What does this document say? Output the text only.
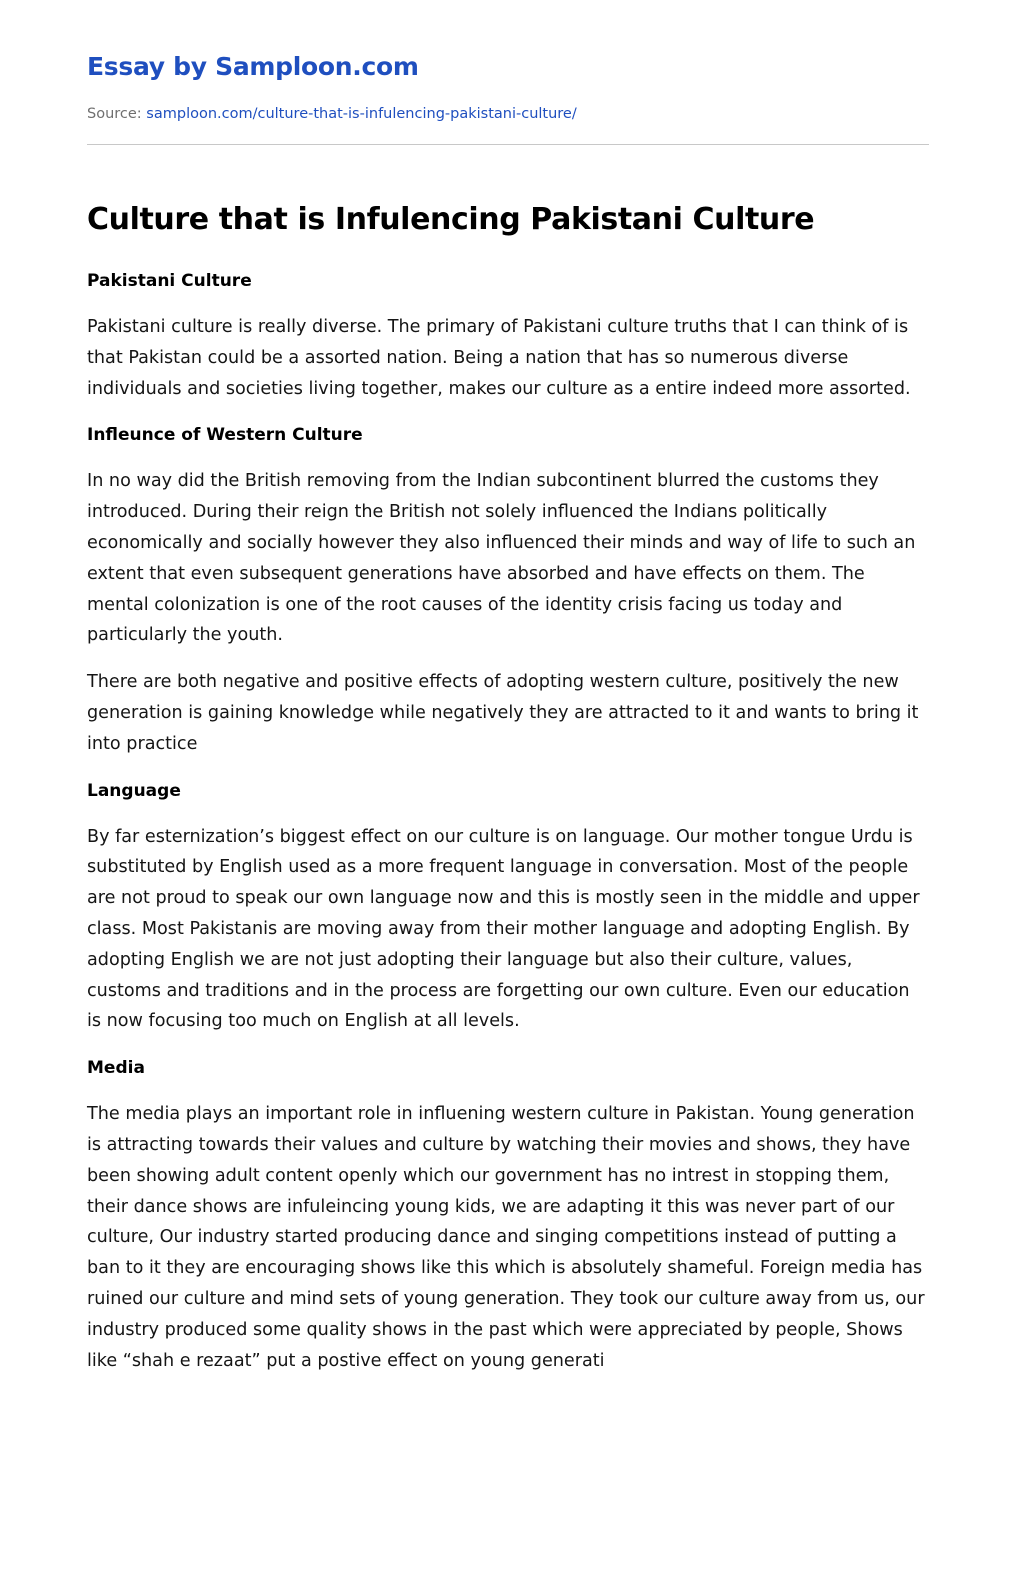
Essay by Samploon.com
Source: samploon.com/culture-that-is-infulencing-pakistani-culture/
Culture that is Infulencing Pakistani Culture
Pakistani Culture

Pakistani culture is really diverse. The primary of Pakistani culture truths that I can think of is that Pakistan could be a assorted nation. Being a nation that has so numerous diverse individuals and societies living together, makes our culture as a entire indeed more assorted.

Infleunce of Western Culture

In no way did the British removing from the Indian subcontinent blurred the customs they introduced. During their reign the British not solely influenced the Indians politically economically and socially however they also influenced their minds and way of life to such an extent that even subsequent generations have absorbed and have effects on them. The mental colonization is one of the root causes of the identity crisis facing us today and particularly the youth.

There are both negative and positive effects of adopting western culture, positively the new generation is gaining knowledge while negatively they are attracted to it and wants to bring it into practice

Language

By far esternization’s biggest effect on our culture is on language. Our mother tongue Urdu is substituted by English used as a more frequent language in conversation. Most of the people are not proud to speak our own language now and this is mostly seen in the middle and upper class. Most Pakistanis are moving away from their mother language and adopting English. By adopting English we are not just adopting their language but also their culture, values, customs and traditions and in the process are forgetting our own culture. Even our education is now focusing too much on English at all levels.

Media

The media plays an important role in influening western culture in Pakistan. Young generation is attracting towards their values and culture by watching their movies and shows, they have been showing adult content openly which our government has no intrest in stopping them, their dance shows are infuleincing young kids, we are adapting it this was never part of our culture, Our industry started producing dance and singing competitions instead of putting a ban to it they are encouraging shows like this which is absolutely shameful. Foreign media has ruined our culture and mind sets of young generation. They took our culture away from us, our industry produced some quality shows in the past which were appreciated by people, Shows like “shah e rezaat” put a postive effect on young generati
